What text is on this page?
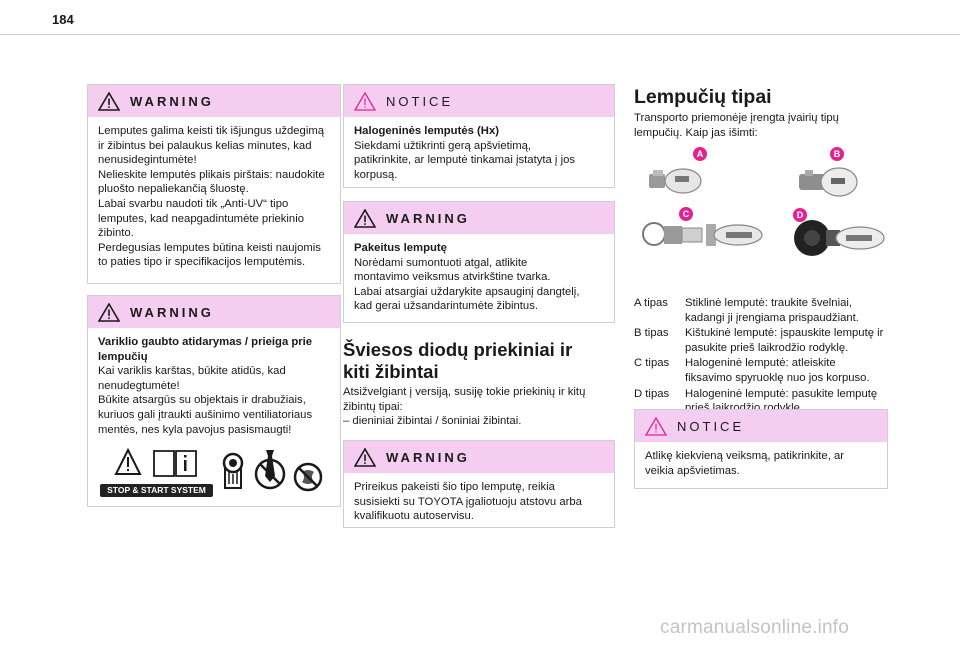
184
WARNING

Lemputes galima keisti tik išjungus uždegimą

ir žibintus bei palaukus kelias minutes, kad

nenusidegintumėte!

Nelieskite lemputės plikais pirštais: naudokite

pluošto nepaliekančią šluostę.

Labai svarbu naudoti tik „Anti-UV“ tipo

lemputes, kad neapgadintumėte priekinio

žibinto.

Perdegusias lemputes būtina keisti naujomis

to paties tipo ir specifikacijos lemputėmis.

WARNING

Variklio gaubto atidarymas / prieiga prie

lempučių

Kai variklis karštas, būkite atidūs, kad

nenudegtumėte!

Būkite atsargūs su objektais ir drabužiais,

kuriuos gali įtraukti aušinimo ventiliatoriaus

mentės, nes kyla pavojus pasismaugti!

STOP & START SYSTEM
NOTICE

Halogeninės lemputės (Hx)

Siekdami užtikrinti gerą apšvietimą,

patikrinkite, ar lemputė tinkamai įstatyta į jos

korpusą.

WARNING

Pakeitus lemputę

Norėdami sumontuoti atgal, atlikite

montavimo veiksmus atvirkštine tvarka.

Labai atsargiai uždarykite apsauginį dangtelį,

kad gerai užsandarintumėte žibintus.

Šviesos diodų priekiniai ir
kiti žibintai

Atsižvelgiant į versiją, susiję tokie priekinių ir kitų

žibintų tipai:

– dieniniai žibintai / šoniniai žibintai.

WARNING

Prireikus pakeisti šio tipo lemputę, reikia

susisiekti su TOYOTA įgaliotuoju atstovu arba

kvalifikuotu autoservisu.

Lempučių tipai

Transporto priemonėje įrengta įvairių tipų

lempučių. Kaip jas išimti:

A	B
C	D
A tipas	Stiklinė lemputė: traukite švelniai,
kadangi ji įrengiama prispaudžiant.
B tipas	Kištukinė lemputė: įspauskite lemputę ir
pasukite prieš laikrodžio rodyklę.
C tipas	Halogeninė lemputė: atleiskite
fiksavimo spyruoklę nuo jos korpuso.
D tipas	Halogeninė lemputė: pasukite lemputę
NOTICE

Atlikę kiekvieną veiksmą, patikrinkite, ar

veikia apšvietimas.

carmanualsonline.info
